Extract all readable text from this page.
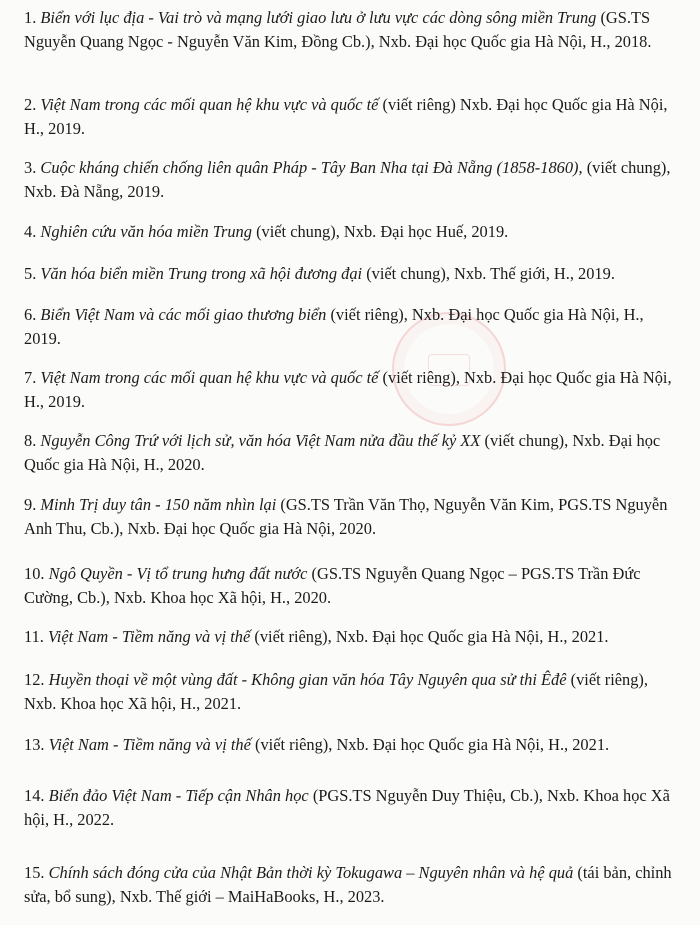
1. Biển với lục địa - Vai trò và mạng lưới giao lưu ở lưu vực các dòng sông miền Trung (GS.TS Nguyễn Quang Ngọc - Nguyễn Văn Kim, Đồng Cb.), Nxb. Đại học Quốc gia Hà Nội, H., 2018.

2. Việt Nam trong các mối quan hệ khu vực và quốc tế (viết riêng) Nxb. Đại học Quốc gia Hà Nội, H., 2019.

3. Cuộc kháng chiến chống liên quân Pháp - Tây Ban Nha tại Đà Nẵng (1858-1860), (viết chung), Nxb. Đà Nẵng, 2019.

4. Nghiên cứu văn hóa miền Trung (viết chung), Nxb. Đại học Huế, 2019.

5. Văn hóa biển miền Trung trong xã hội đương đại (viết chung), Nxb. Thế giới, H., 2019.

6. Biển Việt Nam và các mối giao thương biển (viết riêng), Nxb. Đại học Quốc gia Hà Nội, H., 2019.

7. Việt Nam trong các mối quan hệ khu vực và quốc tế (viết riêng), Nxb. Đại học Quốc gia Hà Nội, H., 2019.

8. Nguyễn Công Trứ với lịch sử, văn hóa Việt Nam nửa đầu thế kỷ XX (viết chung), Nxb. Đại học Quốc gia Hà Nội, H., 2020.

9. Minh Trị duy tân - 150 năm nhìn lại (GS.TS Trần Văn Thọ, Nguyễn Văn Kim, PGS.TS Nguyễn Anh Thu, Cb.), Nxb. Đại học Quốc gia Hà Nội, 2020.

10. Ngô Quyền - Vị tổ trung hưng đất nước (GS.TS Nguyễn Quang Ngọc – PGS.TS Trần Đức Cường, Cb.), Nxb. Khoa học Xã hội, H., 2020.

11. Việt Nam - Tiềm năng và vị thế (viết riêng), Nxb. Đại học Quốc gia Hà Nội, H., 2021.

12. Huyền thoại về một vùng đất - Không gian văn hóa Tây Nguyên qua sử thi Êđê (viết riêng), Nxb. Khoa học Xã hội, H., 2021.

13. Việt Nam - Tiềm năng và vị thế (viết riêng), Nxb. Đại học Quốc gia Hà Nội, H., 2021.

14. Biển đảo Việt Nam - Tiếp cận Nhân học (PGS.TS Nguyễn Duy Thiệu, Cb.), Nxb. Khoa học Xã hội, H., 2022.

15. Chính sách đóng cửa của Nhật Bản thời kỳ Tokugawa – Nguyên nhân và hệ quả (tái bản, chỉnh sửa, bổ sung), Nxb. Thế giới – MaiHaBooks, H., 2023.
